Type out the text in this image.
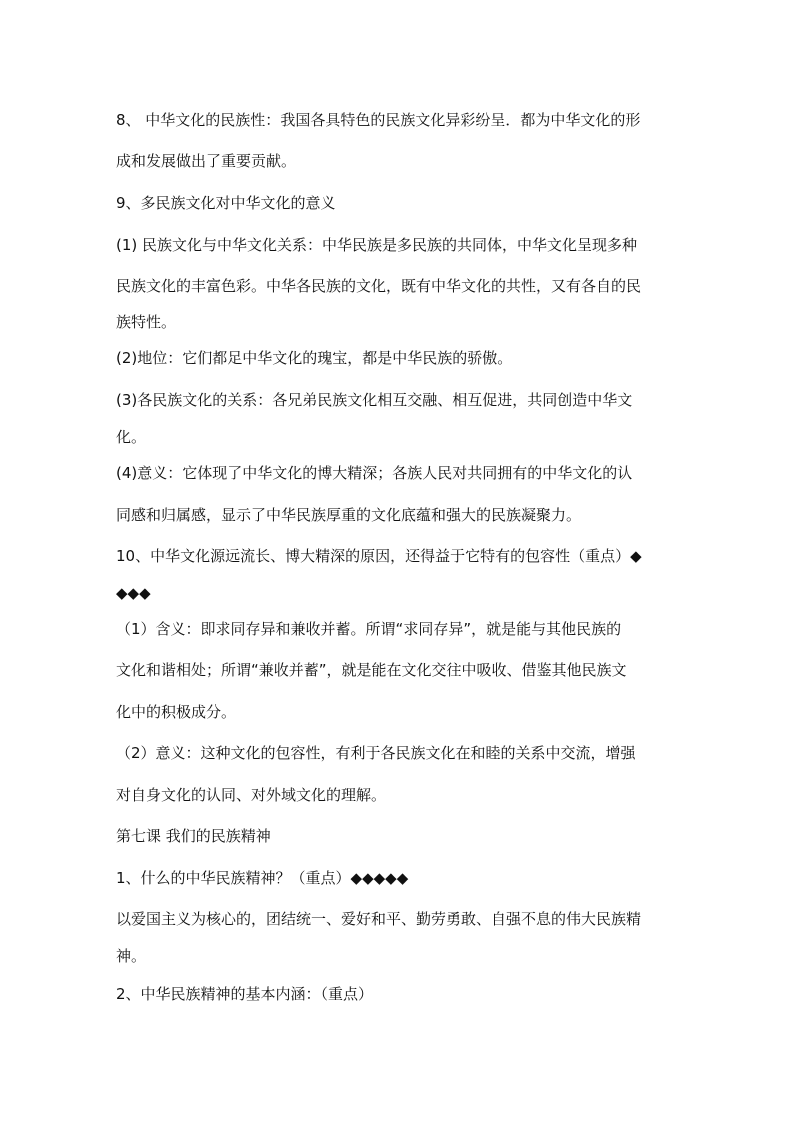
8、 中华文化的民族性：我国各具特色的民族文化异彩纷呈．都为中华文化的形
成和发展做出了重要贡献。
9、多民族文化对中华文化的意义
(1) 民族文化与中华文化关系：中华民族是多民族的共同体，中华文化呈现多种
民族文化的丰富色彩。中华各民族的文化，既有中华文化的共性，又有各自的民
族特性。
(2)地位：它们都足中华文化的瑰宝，都是中华民族的骄傲。
(3)各民族文化的关系：各兄弟民族文化相互交融、相互促进，共同创造中华文
化。
(4)意义：它体现了中华文化的博大精深；各族人民对共同拥有的中华文化的认
同感和归属感，显示了中华民族厚重的文化底蕴和强大的民族凝聚力。
10、中华文化源远流长、博大精深的原因，还得益于它特有的包容性（重点）◆
◆◆◆
（1）含义：即求同存异和兼收并蓄。所谓“求同存异”，就是能与其他民族的
文化和谐相处；所谓“兼收并蓄”，就是能在文化交往中吸收、借鉴其他民族文
化中的积极成分。
（2）意义：这种文化的包容性，有利于各民族文化在和睦的关系中交流，增强
对自身文化的认同、对外域文化的理解。
第七课 我们的民族精神
1、什么的中华民族精神？（重点）◆◆◆◆◆
以爱国主义为核心的，团结统一、爱好和平、勤劳勇敢、自强不息的伟大民族精
神。
2、中华民族精神的基本内涵：（重点）
